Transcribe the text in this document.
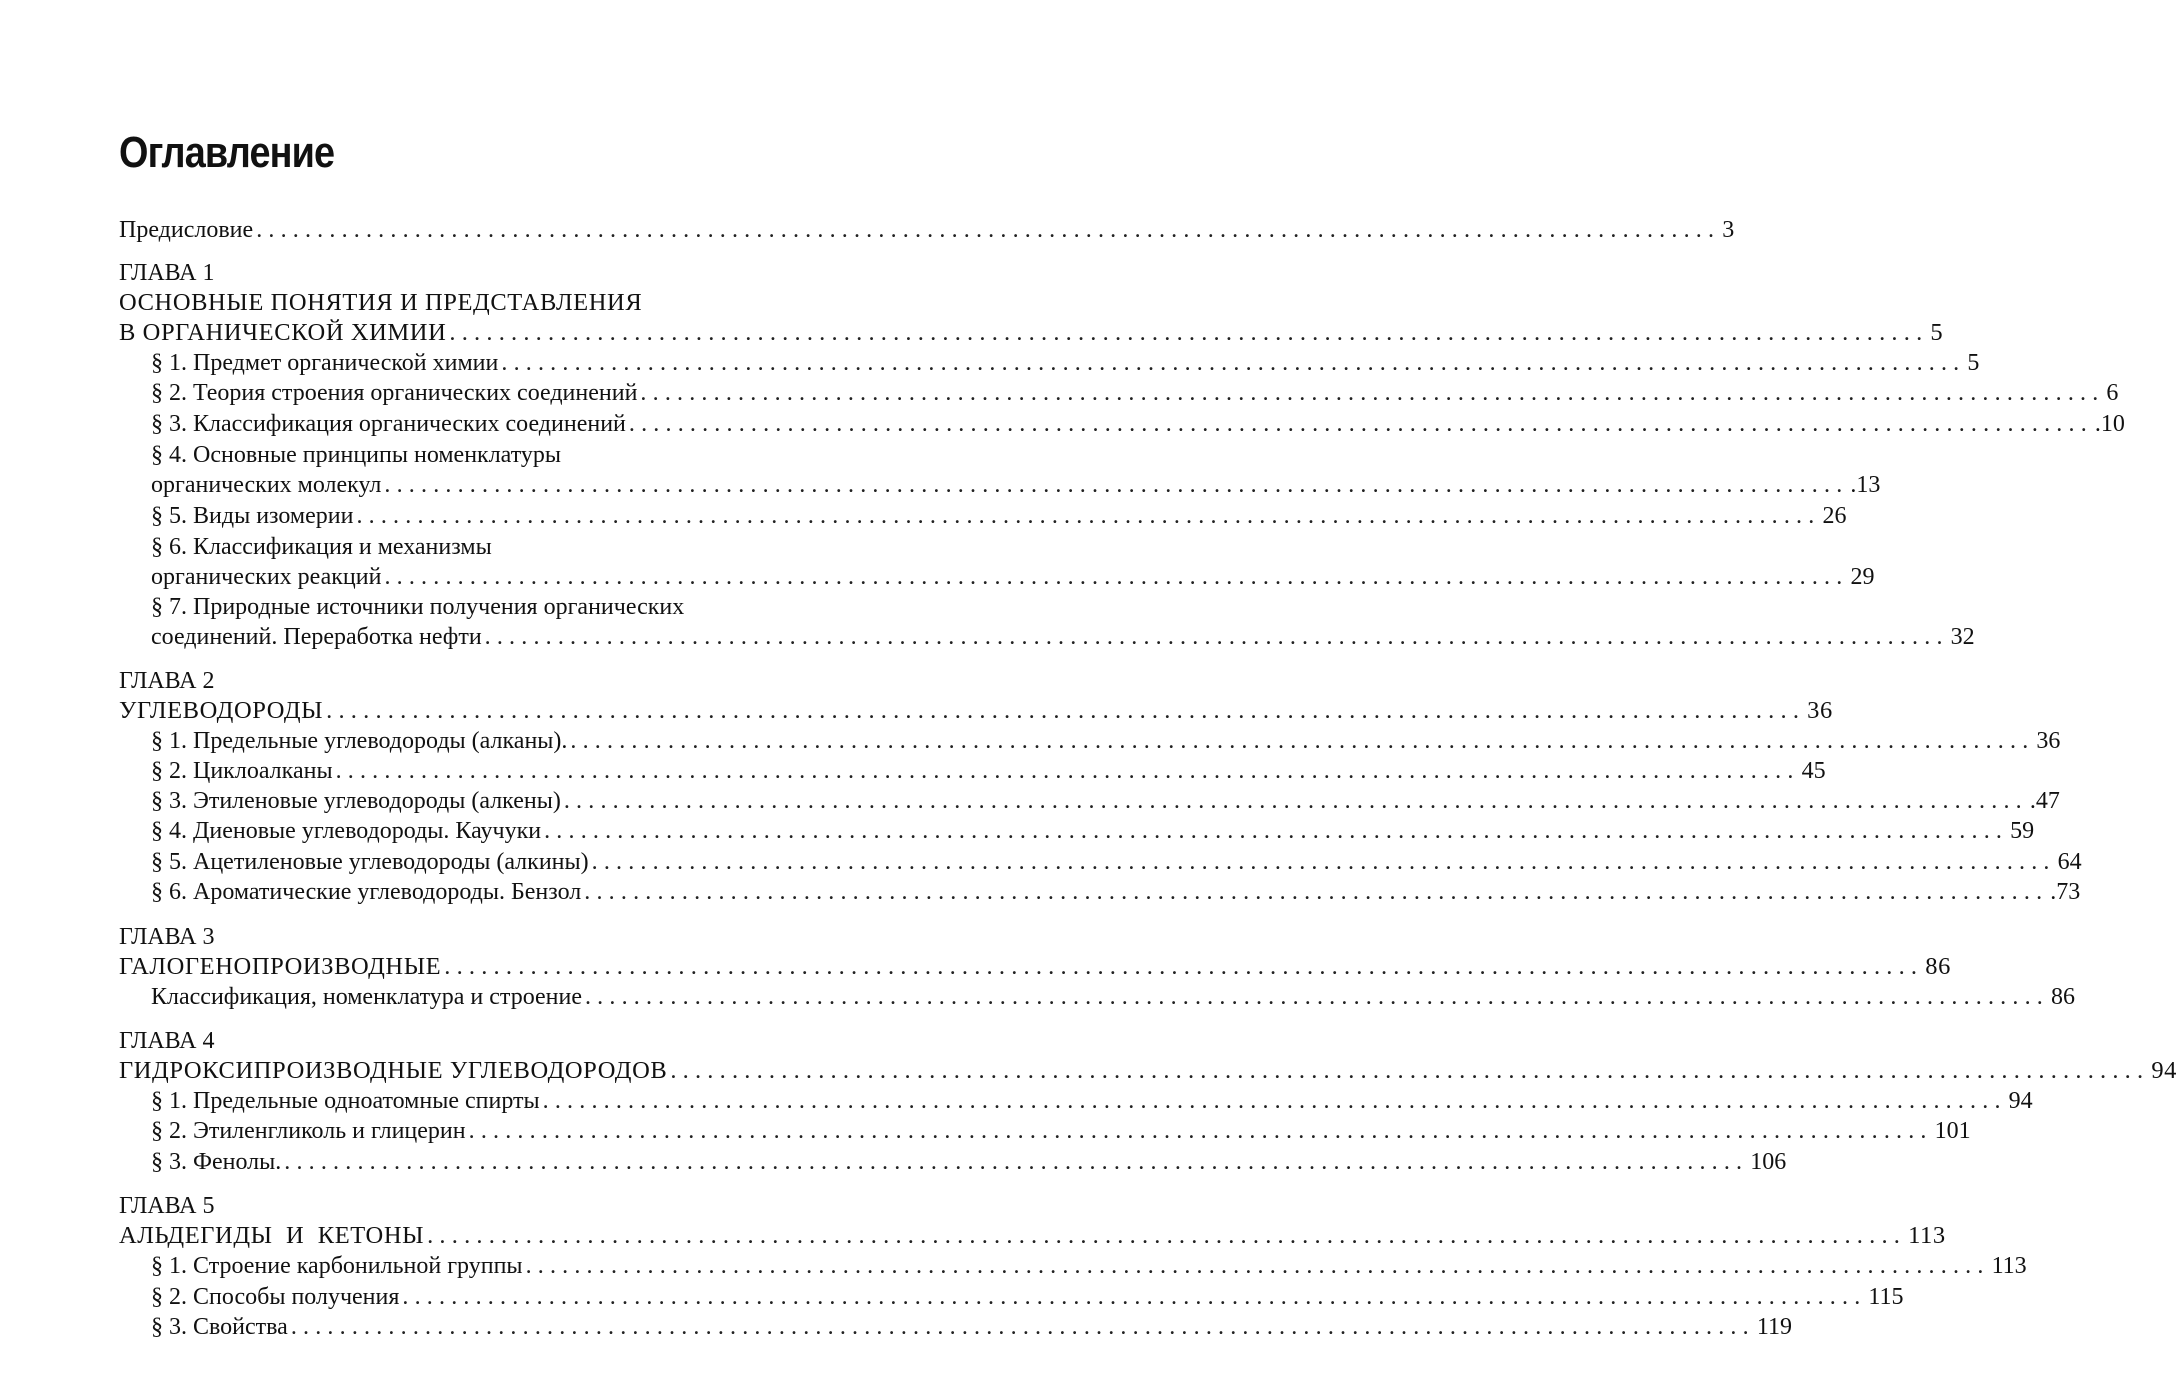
Оглавление
Предисловие ........................................................................................................................ 3
ГЛАВА 1
ОСНОВНЫЕ ПОНЯТИЯ И ПРЕДСТАВЛЕНИЯ
В ОРГАНИЧЕСКОЙ ХИМИИ ........................................................................................................................ 5
§ 1. Предмет органической химии ........................................................................................................................ 5
§ 2. Теория строения органических соединений ........................................................................................................................ 6
§ 3. Классификация органических соединений ........................................................................................................................ .10
§ 4. Основные принципы номенклатуры
органических молекул ........................................................................................................................ .13
§ 5. Виды изомерии ........................................................................................................................ 26
§ 6. Классификация и механизмы
органических реакций ........................................................................................................................ 29
§ 7. Природные источники получения органических
соединений. Переработка нефти ........................................................................................................................ 32
ГЛАВА 2
УГЛЕВОДОРОДЫ ........................................................................................................................ 36
§ 1. Предельные углеводороды (алканы). ........................................................................................................................ 36
§ 2. Циклоалканы ........................................................................................................................ 45
§ 3. Этиленовые углеводороды (алкены) ........................................................................................................................ .47
§ 4. Диеновые углеводороды. Каучуки ........................................................................................................................ 59
§ 5. Ацетиленовые углеводороды (алкины) ........................................................................................................................ 64
§ 6. Ароматические углеводороды. Бензол ........................................................................................................................ .73
ГЛАВА 3
ГАЛОГЕНОПРОИЗВОДНЫЕ ........................................................................................................................ 86
Классификация, номенклатура и строение ........................................................................................................................ 86
ГЛАВА 4
ГИДРОКСИПРОИЗВОДНЫЕ УГЛЕВОДОРОДОВ ........................................................................................................................ 94
§ 1. Предельные одноатомные спирты ........................................................................................................................ 94
§ 2. Этиленгликоль и глицерин ........................................................................................................................ 101
§ 3. Фенолы. ........................................................................................................................ 106
ГЛАВА 5
АЛЬДЕГИДЫ  И  КЕТОНЫ ........................................................................................................................ 113
§ 1. Строение карбонильной группы ........................................................................................................................ 113
§ 2. Способы получения ........................................................................................................................ 115
§ 3. Свойства ........................................................................................................................ 119
